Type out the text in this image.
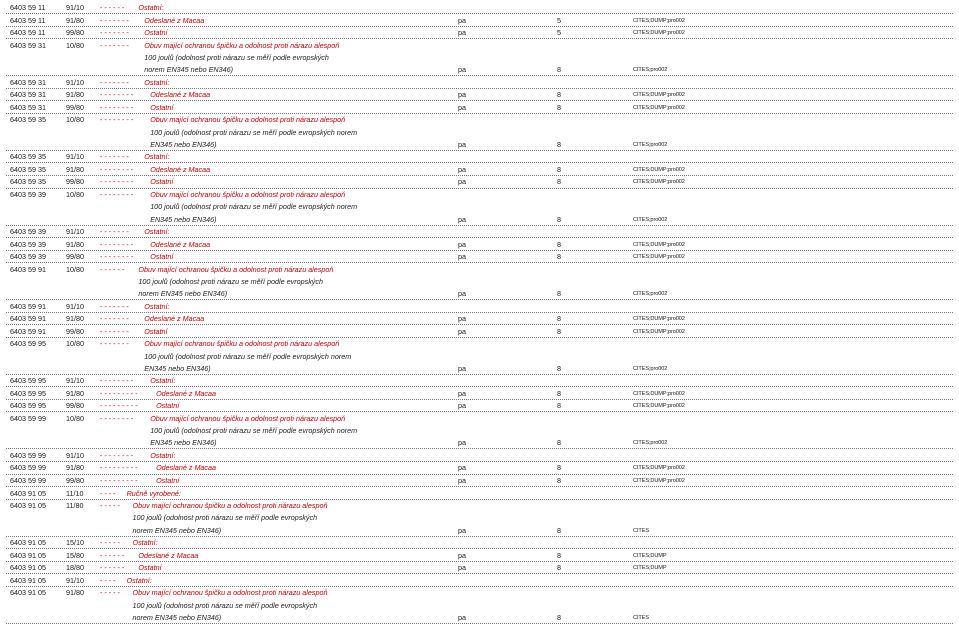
6403 59 11	91/10 - - - - - - Ostatní:
6403 59 11	91/80 - - - - - - - Odeslané z Macaa	pa	5	CITES;DUMP;pro002
6403 59 11	99/80 - - - - - - - Ostatní	pa	5	CITES;DUMP;pro002
6403 59 31	10/80 - - - - - - - Obuv mající ochranou špičku a odolnost proti nárazu alespoň
100 joulů (odolnost proti nárazu se měří podle evropských
norem EN345 nebo EN346)	pa	8	CITES;pro002
6403 59 31	91/10 - - - - - - - Ostatní:
6403 59 31	91/80 - - - - - - - - Odeslané z Macaa	pa	8	CITES;DUMP;pro002
6403 59 31	99/80 - - - - - - - - Ostatní	pa	8	CITES;DUMP;pro002
6403 59 35	10/80 - - - - - - - - Obuv mající ochranou špičku a odolnost proti nárazu alespoň
100 joulů (odolnost proti nárazu se měří podle evropských norem
EN345 nebo EN346)	pa	8	CITES;pro002
6403 59 35	91/10 - - - - - - - Ostatní:
6403 59 35	91/80 - - - - - - - - Odeslané z Macaa	pa	8	CITES;DUMP;pro002
6403 59 35	99/80 - - - - - - - - Ostatní	pa	8	CITES;DUMP;pro002
6403 59 39	10/80 - - - - - - - - Obuv mající ochranou špičku a odolnost proti nárazu alespoň
100 joulů (odolnost proti nárazu se měří podle evropských norem
EN345 nebo EN346)	pa	8	CITES;pro002
6403 59 39	91/10 - - - - - - - Ostatní:
6403 59 39	91/80 - - - - - - - - Odeslané z Macaa	pa	8	CITES;DUMP;pro002
6403 59 39	99/80 - - - - - - - - Ostatní	pa	8	CITES;DUMP;pro002
6403 59 91	10/80 - - - - - - Obuv mající ochranou špičku a odolnost proti nárazu alespoň
100 joulů (odolnost proti nárazu se měří podle evropských
norem EN345 nebo EN346)	pa	8	CITES;pro002
6403 59 91	91/10 - - - - - - - Ostatní:
6403 59 91	91/80 - - - - - - - Odeslané z Macaa	pa	8	CITES;DUMP;pro002
6403 59 91	99/80 - - - - - - - Ostatní	pa	8	CITES;DUMP;pro002
6403 59 95	10/80 - - - - - - - Obuv mající ochranou špičku a odolnost proti nárazu alespoň
100 joulů (odolnost proti nárazu se měří podle evropských norem
EN345 nebo EN346)	pa	8	CITES;pro002
6403 59 95	91/10 - - - - - - - - Ostatní:
6403 59 95	91/80 - - - - - - - - -	Odeslané z Macaa	pa	8	CITES;DUMP;pro002
6403 59 95	99/80 - - - - - - - - -	Ostatní	pa	8	CITES;DUMP;pro002
6403 59 99	10/80 - - - - - - - - Obuv mající ochranou špičku a odolnost proti nárazu alespoň
100 joulů (odolnost proti nárazu se měří podle evropských norem
EN345 nebo EN346)	pa	8	CITES;pro002
6403 59 99	91/10 - - - - - - - - Ostatní:
6403 59 99	91/80 - - - - - - - - -	Odeslané z Macaa	pa	8	CITES;DUMP;pro002
6403 59 99	99/80 - - - - - - - - -	Ostatní	pa	8	CITES;DUMP;pro002
6403 91 05	11/10 - - - - Ručně vyrobené:
6403 91 05	11/80 - - - - - Obuv mající ochranou špičku a odolnost proti nárazu alespoň
100 joulů (odolnost proti nárazu se měří podle evropských
norem EN345 nebo EN346)	pa	8	CITES
6403 91 05	15/10 - - - - - Ostatní:
6403 91 05	15/80 - - - - - - Odeslané z Macaa	pa	8	CITES;DUMP
6403 91 05	18/80 - - - - - - Ostatní	pa	8	CITES;DUMP
6403 91 05	91/10 - - - - Ostatní:
6403 91 05	91/80 - - - - - Obuv mající ochranou špičku a odolnost proti nárazu alespoň
100 joulů (odolnost proti nárazu se měří podle evropských
norem EN345 nebo EN346)	pa	8	CITES
